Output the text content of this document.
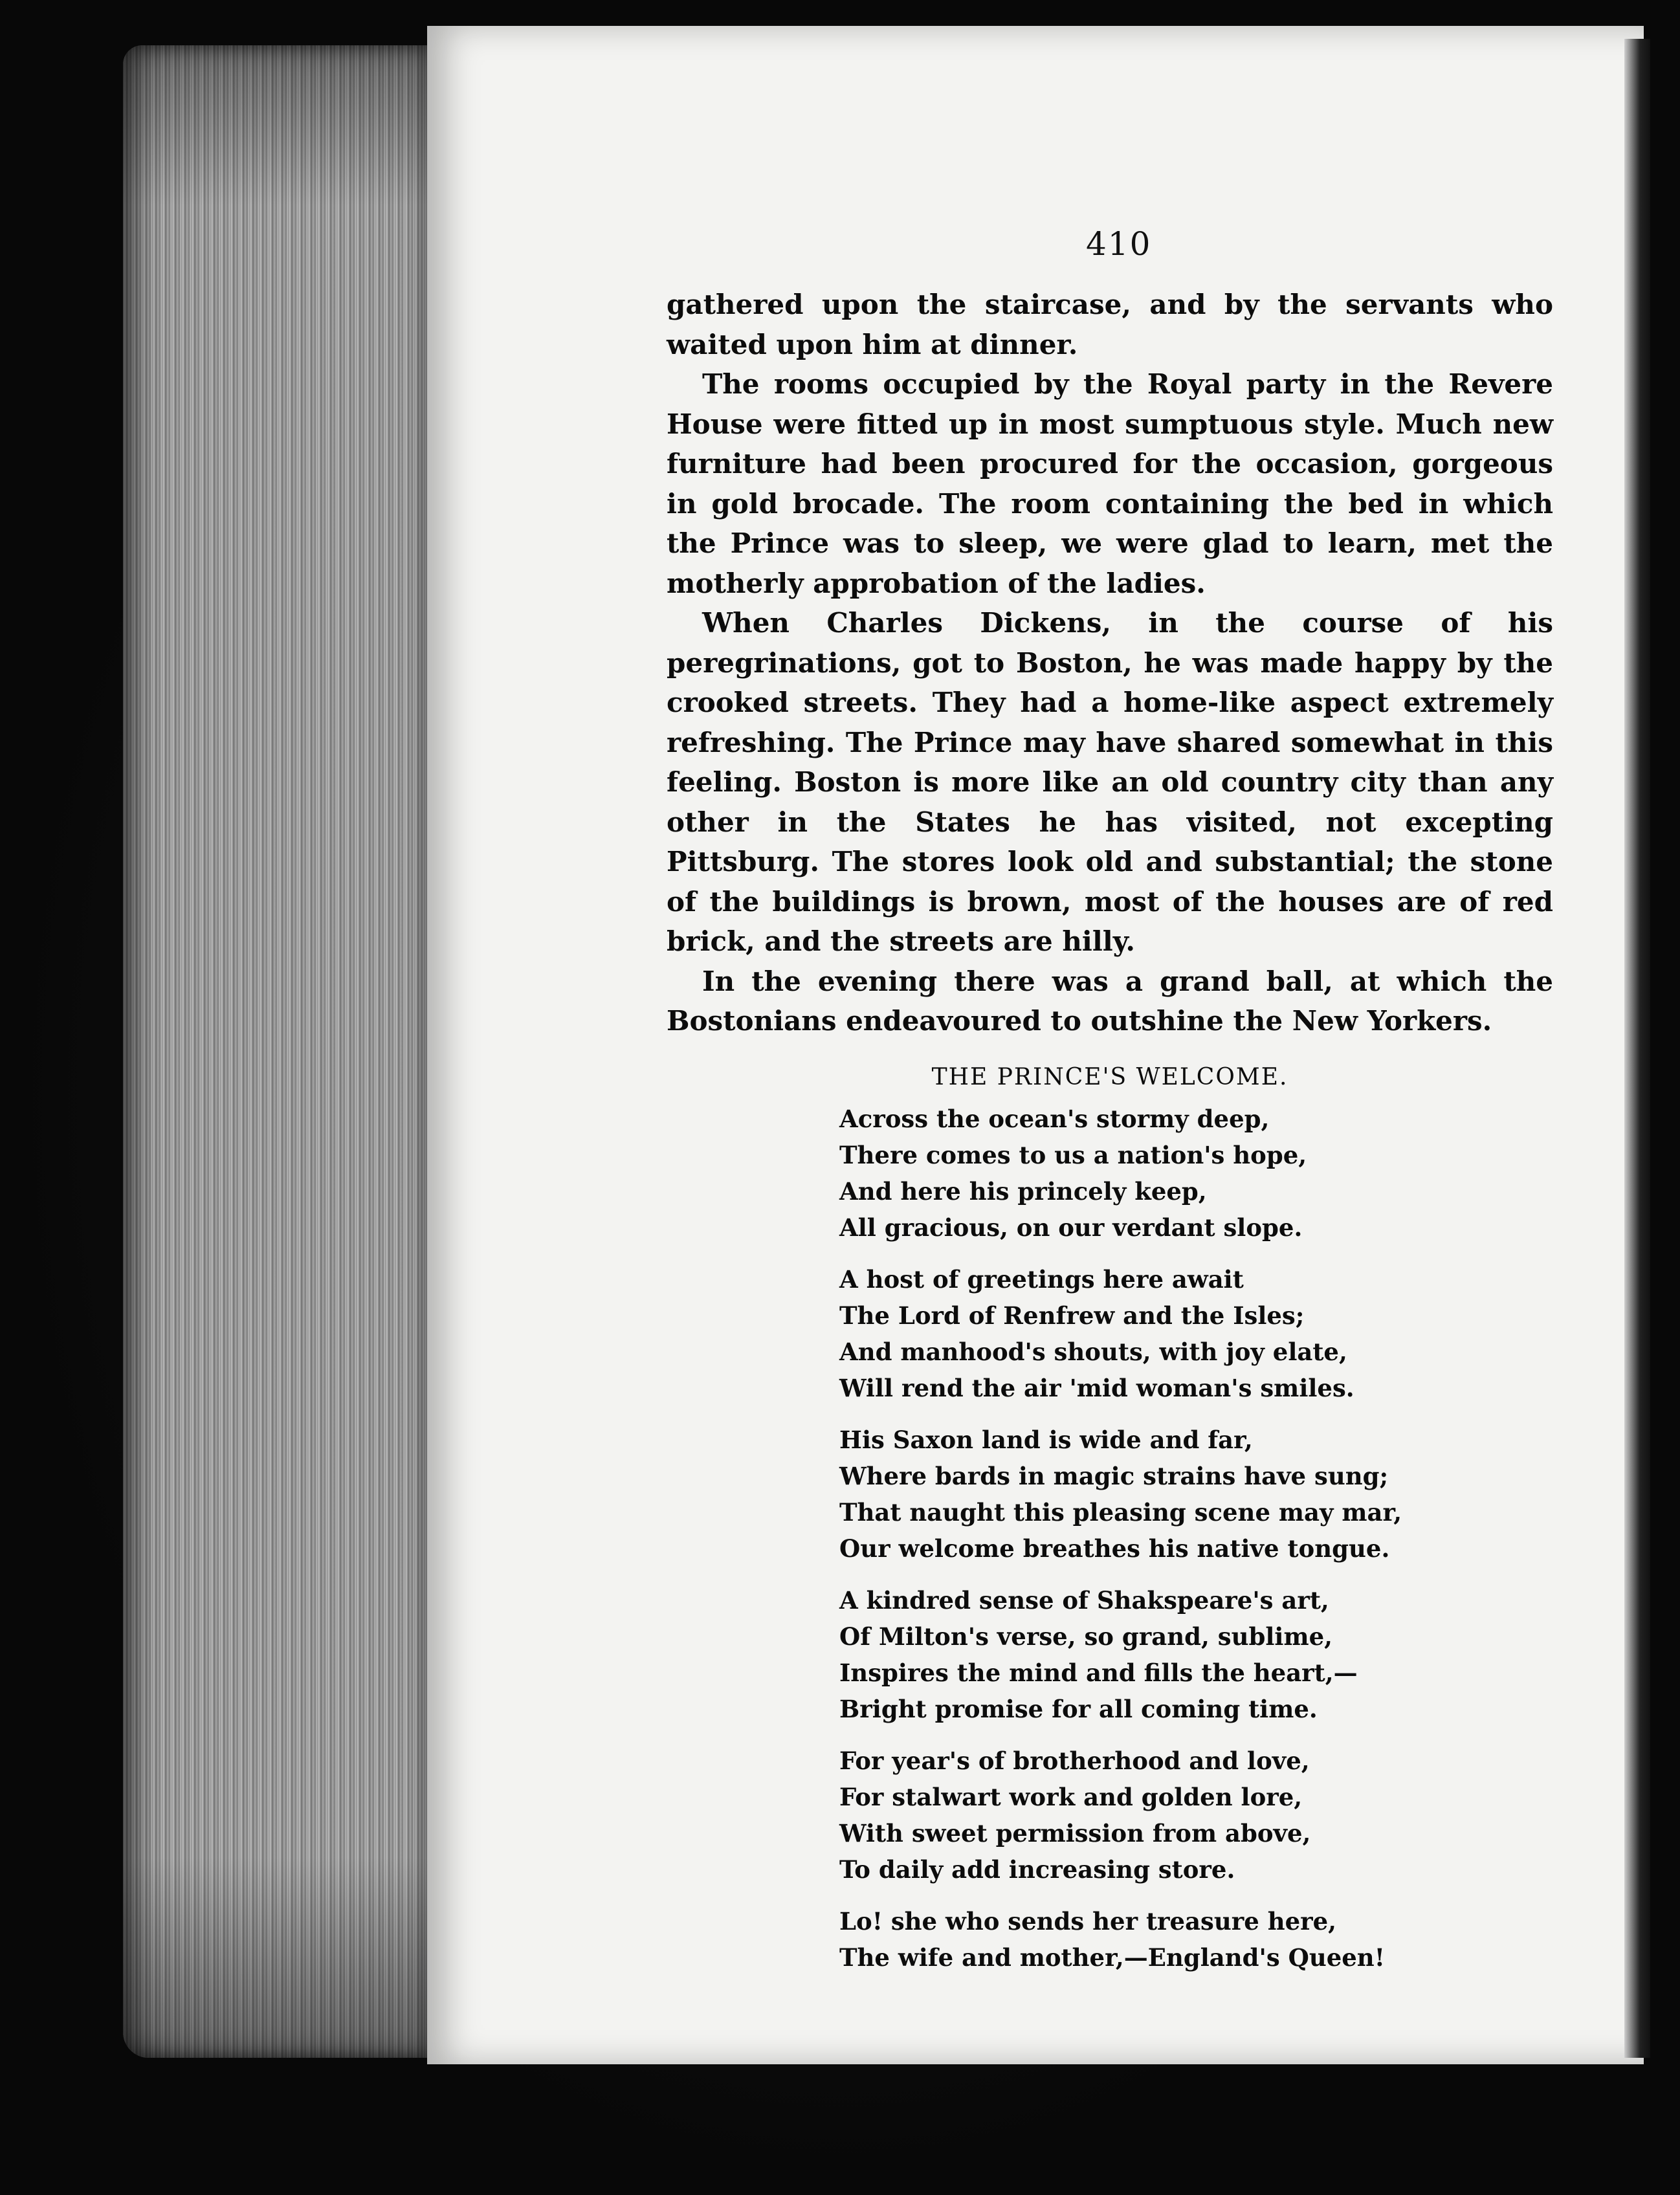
410

gathered upon the staircase, and by the servants who waited upon him at dinner.

The rooms occupied by the Royal party in the Revere House were fitted up in most sumptuous style. Much new furniture had been procured for the occasion, gorgeous in gold brocade. The room containing the bed in which the Prince was to sleep, we were glad to learn, met the motherly approbation of the ladies.

When Charles Dickens, in the course of his peregrinations, got to Boston, he was made happy by the crooked streets. They had a home-like aspect extremely refreshing. The Prince may have shared somewhat in this feeling. Boston is more like an old country city than any other in the States he has visited, not excepting Pittsburg. The stores look old and substantial; the stone of the buildings is brown, most of the houses are of red brick, and the streets are hilly.

In the evening there was a grand ball, at which the Bostonians endeavoured to outshine the New Yorkers.

THE PRINCE'S WELCOME.
Across the ocean's stormy deep,
There comes to us a nation's hope,
And here his princely keep,
All gracious, on our verdant slope.
A host of greetings here await
The Lord of Renfrew and the Isles;
And manhood's shouts, with joy elate,
Will rend the air 'mid woman's smiles.
His Saxon land is wide and far,
Where bards in magic strains have sung;
That naught this pleasing scene may mar,
Our welcome breathes his native tongue.
A kindred sense of Shakspeare's art,
Of Milton's verse, so grand, sublime,
Inspires the mind and fills the heart,—
Bright promise for all coming time.
For year's of brotherhood and love,
For stalwart work and golden lore,
With sweet permission from above,
To daily add increasing store.
Lo! she who sends her treasure here,
The wife and mother,—England's Queen!
